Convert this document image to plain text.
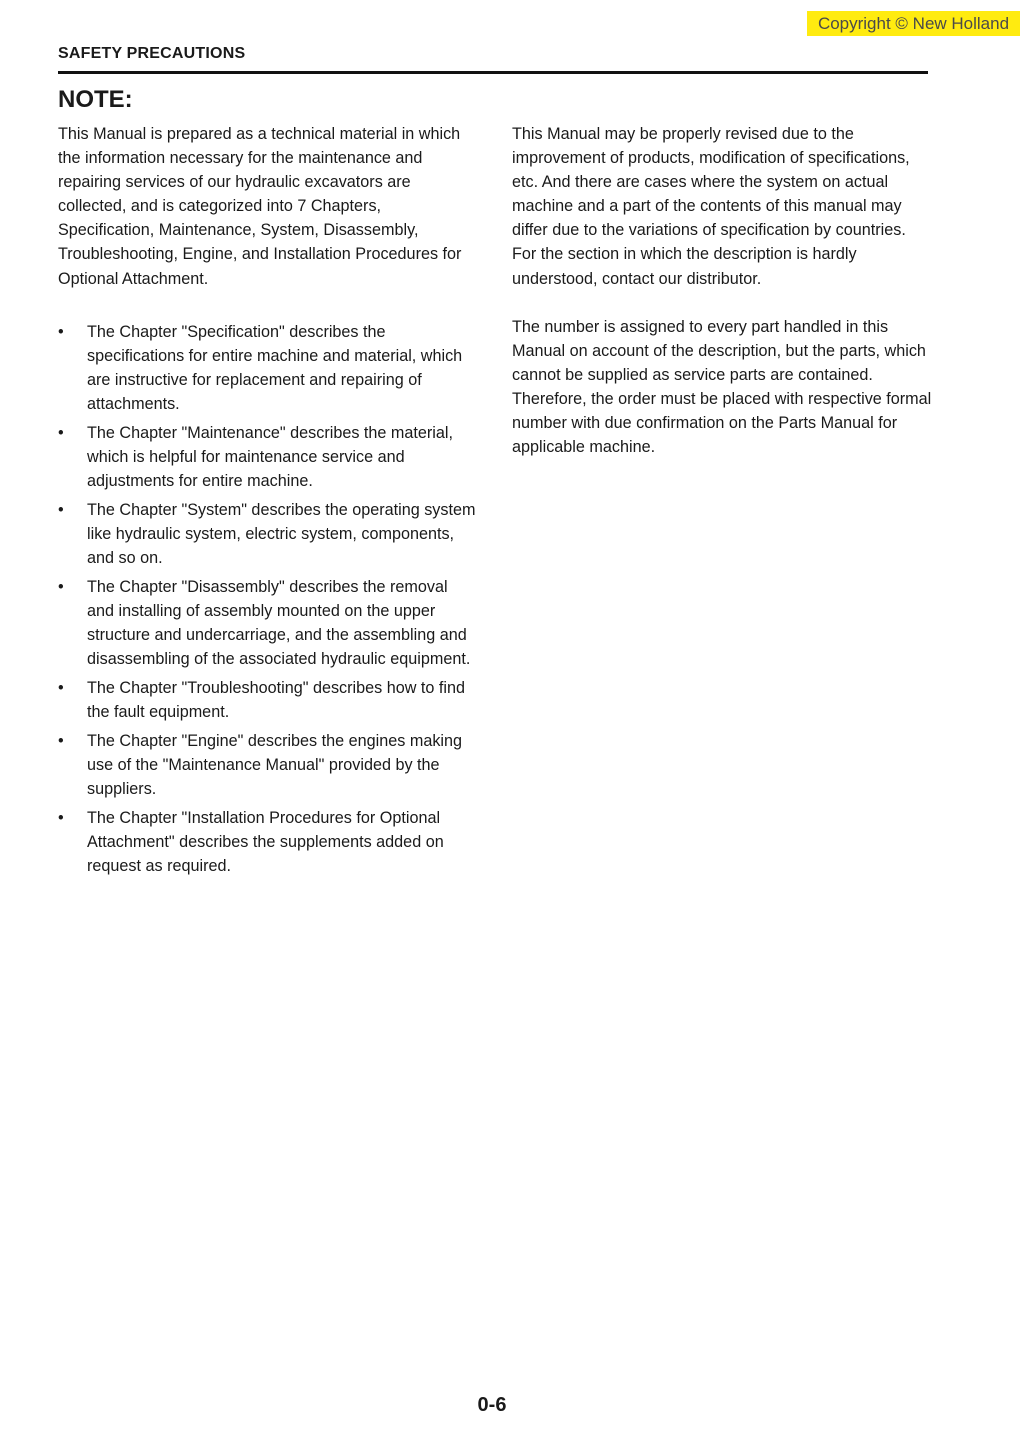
Copyright © New Holland
SAFETY PRECAUTIONS
NOTE:

This Manual is prepared as a technical material in which the information necessary for the maintenance and repairing services of our hydraulic excavators are collected, and is categorized into 7 Chapters, Specification, Maintenance, System, Disassembly, Troubleshooting, Engine, and Installation Procedures for Optional Attachment.

• The Chapter "Specification" describes the specifications for entire machine and material, which are instructive for replacement and repairing of attachments.
• The Chapter "Maintenance" describes the material, which is helpful for maintenance service and adjustments for entire machine.
• The Chapter "System" describes the operating system like hydraulic system, electric system, components, and so on.
• The Chapter "Disassembly" describes the removal and installing of assembly mounted on the upper structure and undercarriage, and the assembling and disassembling of the associated hydraulic equipment.
• The Chapter "Troubleshooting" describes how to find the fault equipment.
• The Chapter "Engine" describes the engines making use of the "Maintenance Manual" provided by the suppliers.
• The Chapter "Installation Procedures for Optional Attachment" describes the supplements added on request as required.

This Manual may be properly revised due to the improvement of products, modification of specifications, etc. And there are cases where the system on actual machine and a part of the contents of this manual may differ due to the variations of specification by countries. For the section in which the description is hardly understood, contact our distributor.

The number is assigned to every part handled in this Manual on account of the description, but the parts, which cannot be supplied as service parts are contained. Therefore, the order must be placed with respective formal number with due confirmation on the Parts Manual for applicable machine.

0-6
